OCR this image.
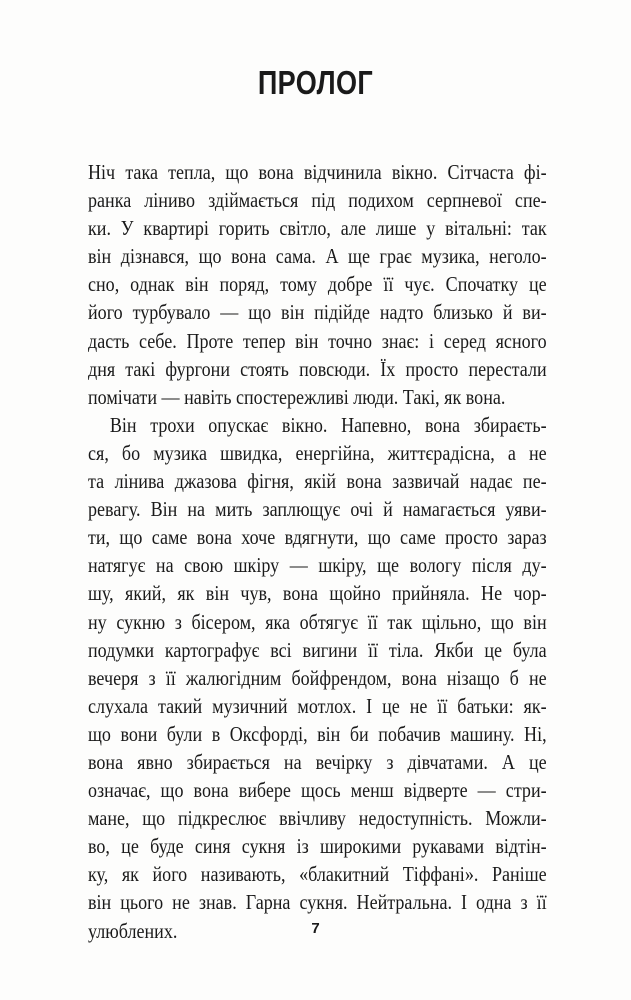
ПРОЛОГ
Ніч така тепла, що вона відчинила вікно. Сітчаста фі-
ранка ліниво здіймається під подихом серпневої спе-
ки. У квартирі горить світло, але лише у вітальні: так
він дізнався, що вона сама. А ще грає музика, неголо-
сно, однак він поряд, тому добре її чує. Спочатку це
його турбувало — що він підійде надто близько й ви-
дасть себе. Проте тепер він точно знає: і серед ясного
дня такі фургони стоять повсюди. Їх просто перестали
помічати — навіть спостережливі люди. Такі, як вона.
Він трохи опускає вікно. Напевно, вона збираєть-
ся, бо музика швидка, енергійна, життєрадісна, а не
та лінива джазова фігня, якій вона зазвичай надає пе-
ревагу. Він на мить заплющує очі й намагається уяви-
ти, що саме вона хоче вдягнути, що саме просто зараз
натягує на свою шкіру — шкіру, ще вологу після ду-
шу, який, як він чув, вона щойно прийняла. Не чор-
ну сукню з бісером, яка обтягує її так щільно, що він
подумки картографує всі вигини її тіла. Якби це була
вечеря з її жалюгідним бойфрендом, вона нізащо б не
слухала такий музичний мотлох. І це не її батьки: як-
що вони були в Оксфорді, він би побачив машину. Ні,
вона явно збирається на вечірку з дівчатами. А це
означає, що вона вибере щось менш відверте — стри-
мане, що підкреслює ввічливу недоступність. Можли-
во, це буде синя сукня із широкими рукавами відтін-
ку, як його називають, «блакитний Тіффані». Раніше
він цього не знав. Гарна сукня. Нейтральна. І одна з її
улюблених.	7
